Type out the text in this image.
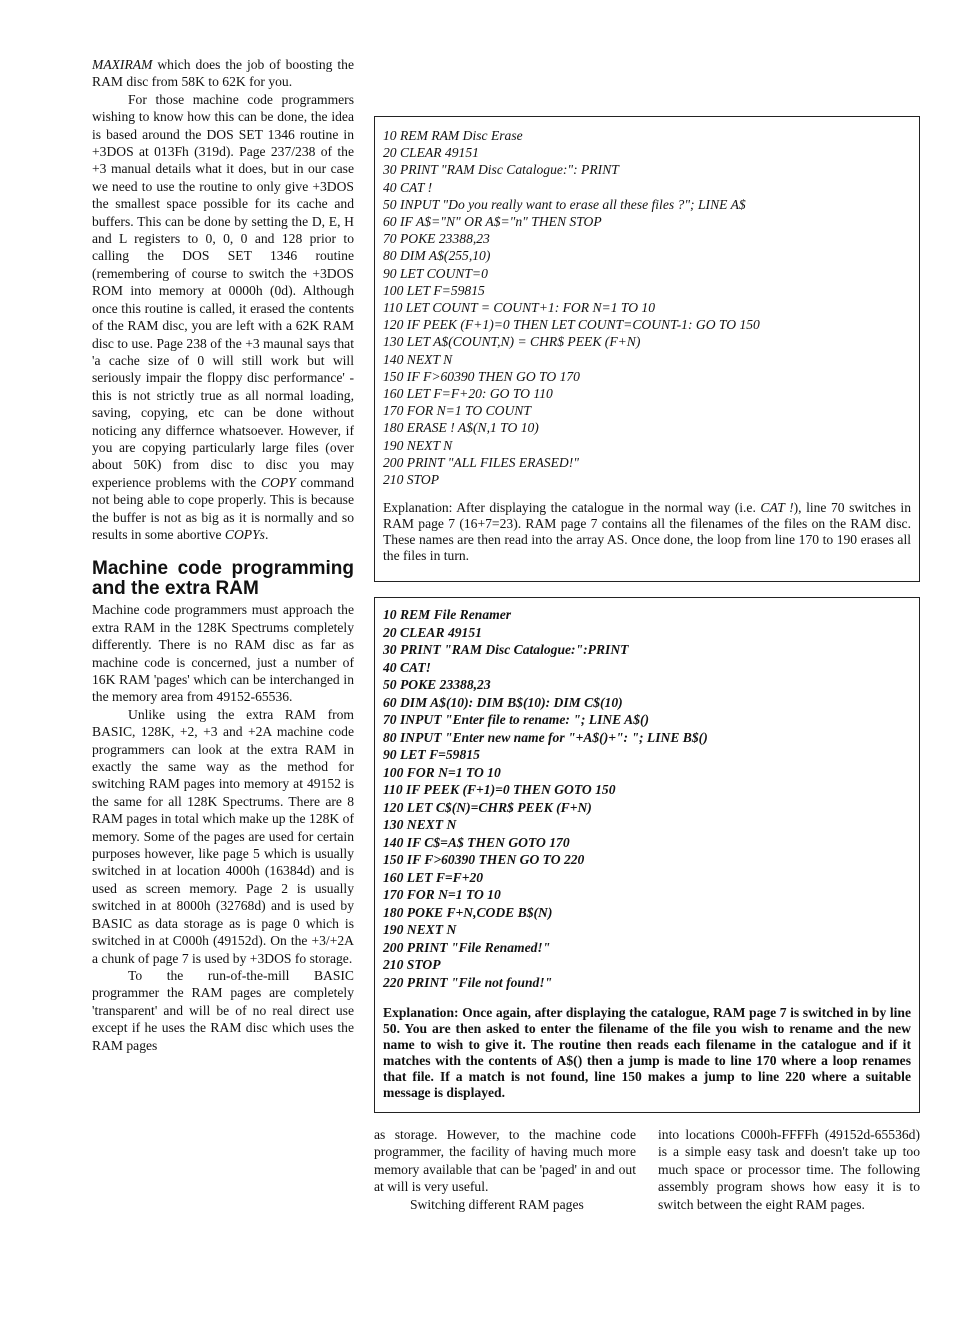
MAXIRAM which does the job of boosting the RAM disc from 58K to 62K for you.

For those machine code programmers wishing to know how this can be done, the idea is based around the DOS SET 1346 routine in +3DOS at 013Fh (319d). Page 237/238 of the +3 manual details what it does, but in our case we need to use the routine to only give +3DOS the smallest space possible for its cache and buffers. This can be done by setting the D, E, H and L registers to 0, 0, 0 and 128 prior to calling the DOS SET 1346 routine (remembering of course to switch the +3DOS ROM into memory at 0000h (0d). Although once this routine is called, it erased the contents of the RAM disc, you are left with a 62K RAM disc to use. Page 238 of the +3 maunal says that 'a cache size of 0 will still work but will seriously impair the floppy disc performance' - this is not strictly true as all normal loading, saving, copying, etc can be done without noticing any differnce whatsoever. However, if you are copying particularly large files (over about 50K) from disc to disc you may experience problems with the COPY command not being able to cope properly. This is because the buffer is not as big as it is normally and so results in some abortive COPYs.

Machine code programming and the extra RAM

Machine code programmers must approach the extra RAM in the 128K Spectrums completely differently. There is no RAM disc as far as machine code is concerned, just a number of 16K RAM 'pages' which can be interchanged in the memory area from 49152-65536.

Unlike using the extra RAM from BASIC, 128K, +2, +3 and +2A machine code programmers can look at the extra RAM in exactly the same way as the method for switching RAM pages into memory at 49152 is the same for all 128K Spectrums. There are 8 RAM pages in total which make up the 128K of memory. Some of the pages are used for certain purposes however, like page 5 which is usually switched in at location 4000h (16384d) and is used as screen memory. Page 2 is usually switched in at 8000h (32768d) and is used by BASIC as data storage as is page 0 which is switched in at C000h (49152d). On the +3/+2A a chunk of page 7 is used by +3DOS fo storage.

To the run-of-the-mill BASIC programmer the RAM pages are completely 'transparent' and will be of no real direct use except if he uses the RAM disc which uses the RAM pages

10 REM RAM Disc Erase
20 CLEAR 49151
30 PRINT "RAM Disc Catalogue:": PRINT
40 CAT !
50 INPUT "Do you really want to erase all these files ?"; LINE A$
60 IF A$="N" OR A$="n" THEN STOP
70 POKE 23388,23
80 DIM A$(255,10)
90 LET COUNT=0
100 LET F=59815
110 LET COUNT = COUNT+1: FOR N=1 TO 10
120 IF PEEK (F+1)=0 THEN LET COUNT=COUNT-1: GO TO 150
130 LET A$(COUNT,N) = CHR$ PEEK (F+N)
140 NEXT N
150 IF F>60390 THEN GO TO 170
160 LET F=F+20: GO TO 110
170 FOR N=1 TO COUNT
180 ERASE ! A$(N,1 TO 10)
190 NEXT N
200 PRINT "ALL FILES ERASED!"
210 STOP
Explanation: After displaying the catalogue in the normal way (i.e. CAT !), line 70 switches in RAM page 7 (16+7=23). RAM page 7 contains all the filenames of the files on the RAM disc. These names are then read into the array AS. Once done, the loop from line 170 to 190 erases all the files in turn.
10 REM File Renamer
20 CLEAR 49151
30 PRINT "RAM Disc Catalogue:":PRINT
40 CAT!
50 POKE 23388,23
60 DIM A$(10): DIM B$(10): DIM C$(10)
70 INPUT "Enter file to rename: "; LINE A$()
80 INPUT "Enter new name for "+A$()+": "; LINE B$()
90 LET F=59815
100 FOR N=1 TO 10
110 IF PEEK (F+1)=0 THEN GOTO 150
120 LET C$(N)=CHR$ PEEK (F+N)
130 NEXT N
140 IF C$=A$ THEN GOTO 170
150 IF F>60390 THEN GO TO 220
160 LET F=F+20
170 FOR N=1 TO 10
180 POKE F+N,CODE B$(N)
190 NEXT N
200 PRINT "File Renamed!"
210 STOP
220 PRINT "File not found!"
Explanation: Once again, after displaying the catalogue, RAM page 7 is switched in by line 50. You are then asked to enter the filename of the file you wish to rename and the new name to wish to give it. The routine then reads each filename in the catalogue and if it matches with the contents of A$() then a jump is made to line 170 where a loop renames that file. If a match is not found, line 150 makes a jump to line 220 where a suitable message is displayed.

as storage. However, to the machine code programmer, the facility of having much more memory available that can be 'paged' in and out at will is very useful.

Switching different RAM pages

into locations C000h-FFFFh (49152d-65536d) is a simple easy task and doesn't take up too much space or processor time. The following assembly program shows how easy it is to switch between the eight RAM pages.
